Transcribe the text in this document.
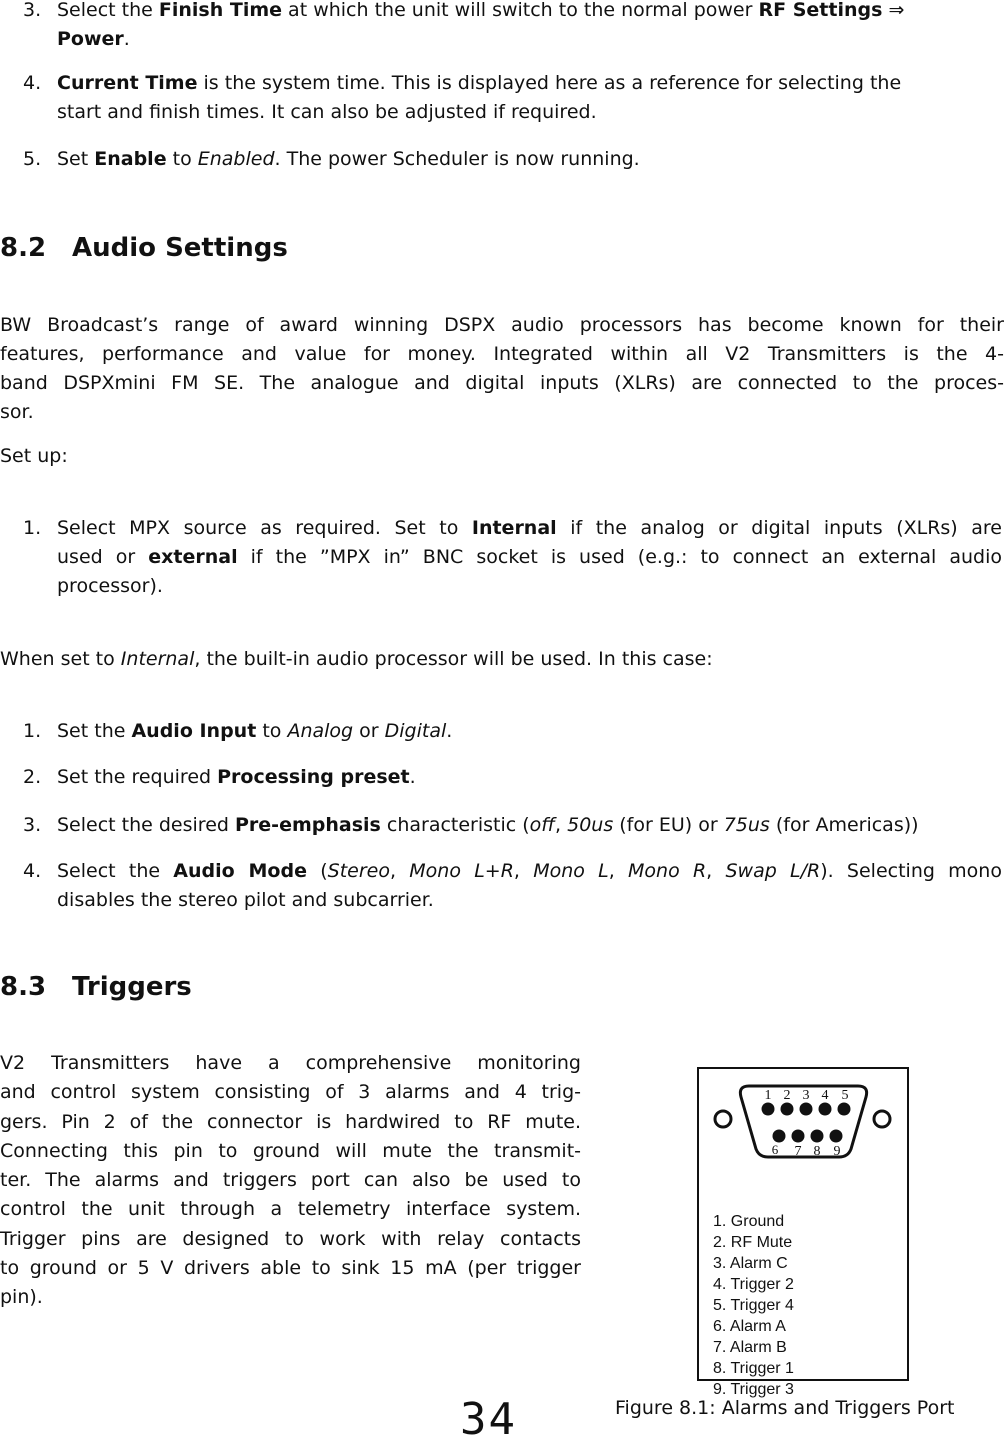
3. Select the Finish Time at which the unit will switch to the normal power RF Settings ⇒
Power.
4. Current Time is the system time. This is displayed here as a reference for selecting the
start and finish times. It can also be adjusted if required.
5. Set Enable to Enabled. The power Scheduler is now running.
8.2 Audio Settings
BW Broadcast’s range of award winning DSPX audio processors has become known for their
features, performance and value for money. Integrated within all V2 Transmitters is the 4-
band DSPXmini FM SE. The analogue and digital inputs (XLRs) are connected to the proces-
sor.
Set up:
1. Select MPX source as required. Set to Internal if the analog or digital inputs (XLRs) are
used or external if the ”MPX in” BNC socket is used (e.g.: to connect an external audio
processor).
When set to Internal, the built-in audio processor will be used. In this case:
1. Set the Audio Input to Analog or Digital.
2. Set the required Processing preset.
3. Select the desired Pre-emphasis characteristic (off, 50us (for EU) or 75us (for Americas))
4. Select the Audio Mode (Stereo, Mono L+R, Mono L, Mono R, Swap L/R). Selecting mono
disables the stereo pilot and subcarrier.
8.3 Triggers
V2 Transmitters have a comprehensive monitoring
and control system consisting of 3 alarms and 4 trig-
gers. Pin 2 of the connector is hardwired to RF mute.
Connecting this pin to ground will mute the transmit-
ter. The alarms and triggers port can also be used to
control the unit through a telemetry interface system.
Trigger pins are designed to work with relay contacts
to ground or 5 V drivers able to sink 15 mA (per trigger
pin).
1 2 3 4 5
6 7 8 9
1. Ground
2. RF Mute
3. Alarm C
4. Trigger 2
5. Trigger 4
6. Alarm A
7. Alarm B
8. Trigger 1
9. Trigger 3
Figure 8.1: Alarms and Triggers Port
34
